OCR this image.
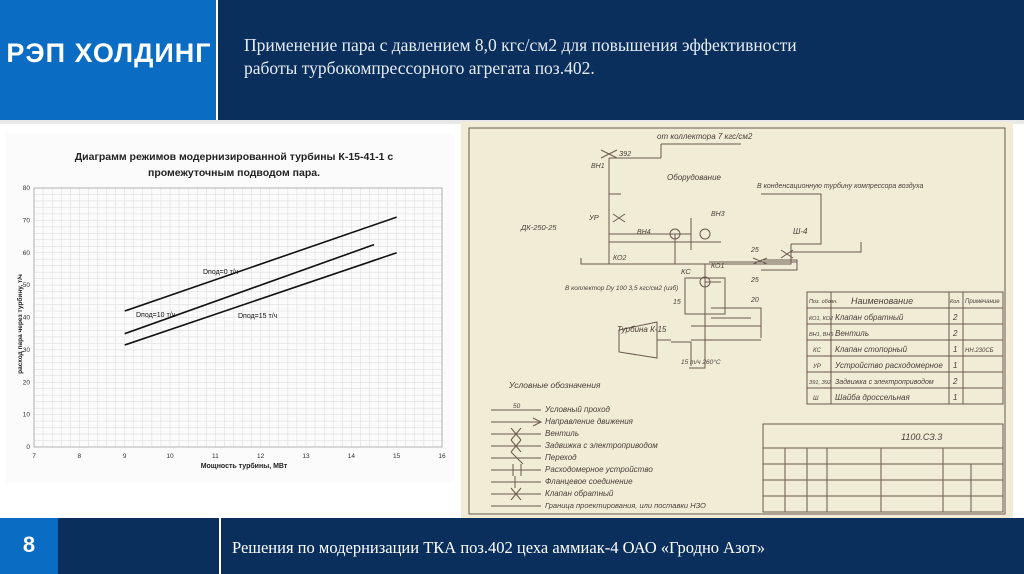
РЭП ХОЛДИНГ	Применение пара с давлением 8,0 кгс/см2 для повышения эффективности
работы турбокомпрессорного агрегата поз.402.
7	8	9	10	11	12	13	14	15	16
0
10
20
30
40
50
60
70
80
Диаграмм режимов модернизированной турбины К-15-41-1 с
промежуточным подводом пара.
Мощность турбины, МВт
расход пара через турбину, т/ч
Dпод=0 т/ч
Dпод=10 т/ч	Dпод=15 т/ч
от коллектора 7 кгс/см2
Оборудование
В конденсационную турбину компрессора воздуха
ДК-250-25
УР
КС
ВН1
ВН3
ВН4
КО1
КО2
З92
Ш-4
25
25
20
15
В коллектор Dу 100 3,5 кгс/см2 (изб)
Турбина К-15
15 т/ч 260°С
Условные обозначения
50	Условный проход
Направление движения
Вентиль
Задвижка с электроприводом
Переход
Расходомерное устройство
Фланцевое соединение
Клапан обратный
Граница проектирования, или поставки НЗО
Поз. обозн. Наименование	Кол. Примечание
КО1, КО2 Клапан обратный	2
ВН1, ВН5 Вентиль	2
КС Клапан стопорный	1 НН.230СБ
УР Устройство расходомерное 1
З91, З92 Задвижка с электроприводом 2
Ш Шайба дроссельная	1
1100.СЗ.3
8	Решения по модернизации ТКА поз.402 цеха аммиак-4 ОАО «Гродно Азот»
